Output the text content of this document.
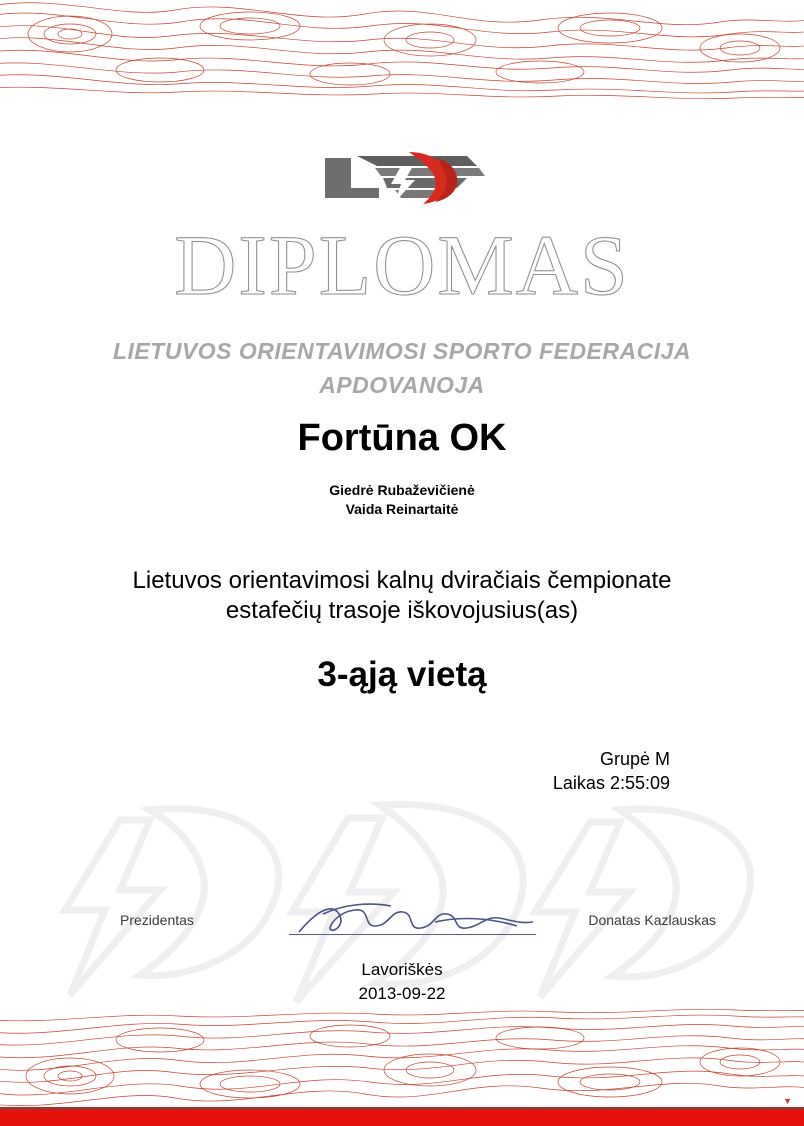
DIPLOMAS
LIETUVOS ORIENTAVIMOSI SPORTO FEDERACIJA
APDOVANOJA
Fortūna OK
Giedrė Rubaževičienė
Vaida Reinartaitė
Lietuvos orientavimosi kalnų dviračiais čempionate
estafečių trasoje iškovojusius(as)
3-ąją vietą
Grupė M
Laikas 2:55:09
Prezidentas	Donatas Kazlauskas
Lavoriškės
2013-09-22
▼
